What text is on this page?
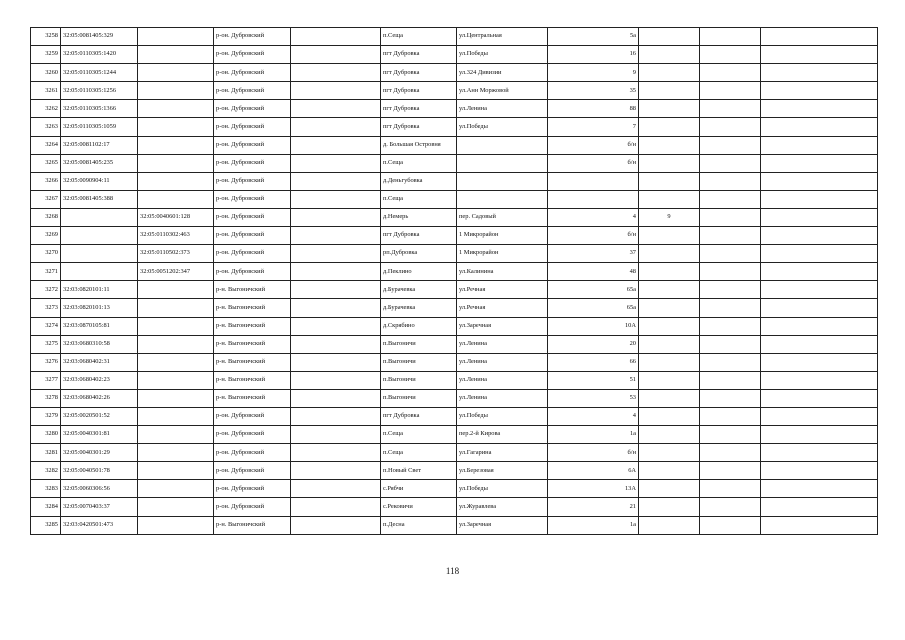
3258	32:05:0081405:329		р-он. Дубровский		п.Сеща	ул.Центральная	5а			
3259	32:05:0110305:1420		р-он. Дубровский		пгт Дубровка	ул.Победы	16			
3260	32:05:0110305:1244		р-он. Дубровский		пгт Дубровка	ул.324 Дивизии	9			
3261	32:05:0110305:1256		р-он. Дубровский		пгт Дубровка	ул.Анн Моржовой	35			
3262	32:05:0110305:1366		р-он. Дубровский		пгт Дубровка	ул.Ленина	88			
3263	32:05:0110305:1059		р-он. Дубровский		пгт Дубровка	ул.Победы	7			
3264	32:05:0081102:17		р-он. Дубровский		д. Большая Островня		б/н			
3265	32:05:0081405:235		р-он. Дубровский		п.Сеща		б/н			
3266	32:05:0090904:11		р-он. Дубровский		д.Деньгубовка					
3267	32:05:0081405:388		р-он. Дубровский		п.Сеща					
3268		32:05:0040601:128	р-он. Дубровский		д.Немерь	пер. Садовый	4	9		
3269		32:05:0110302:463	р-он. Дубровский		пгт Дубровка	1 Микрорайон	б/н			
3270		32:05:0110502:373	р-он. Дубровский		рп.Дубровка	1 Микрорайон	37			
3271		32:05:0051202:347	р-он. Дубровский		д.Пеклино	ул.Калинина	48			
3272	32:03:0820101:11		р-н. Выгоничский		д.Бурачевка	ул.Речная	65а			
3273	32:03:0820101:13		р-н. Выгоничский		д.Бурачевка	ул.Речная	65а			
3274	32:03:0870105:81		р-н. Выгоничский		д.Скрябино	ул.Заречная	10А			
3275	32:03:0680310:58		р-н. Выгоничский		п.Выгоничи	ул.Ленина	20			
3276	32:03:0680402:31		р-н. Выгоничский		п.Выгоничи	ул.Ленина	66			
3277	32:03:0680402:23		р-н. Выгоничский		п.Выгоничи	ул.Ленина	51			
3278	32:03:0680402:26		р-н. Выгоничский		п.Выгоничи	ул.Ленина	53			
3279	32:05:0020501:52		р-он. Дубровский		пгт Дубровка	ул.Победы	4			
3280	32:05:0040301:81		р-он. Дубровский		п.Сеща	пер.2-й Кирова	1а			
3281	32:05:0040301:29		р-он. Дубровский		п.Сеща	ул.Гагарина	б/н			
3282	32:05:0040501:78		р-он. Дубровский		п.Новый Свет	ул.Березовая	6А			
3283	32:05:0060306:56		р-он. Дубровский		с.Рябчи	ул.Победы	13А			
3284	32:05:0070403:37		р-он. Дубровский		с.Рековичи	ул.Журавлева	21			
3285	32:03:0420501:473		р-н. Выгоничский		п.Десна	ул.Заречная	1а			
118
